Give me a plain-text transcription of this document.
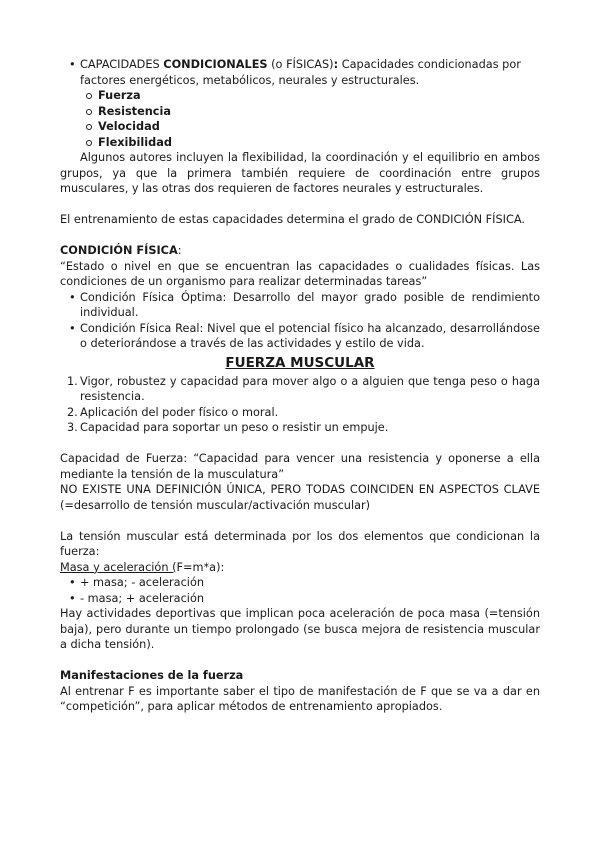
• CAPACIDADES CONDICIONALES (o FÍSICAS): Capacidades condicionadas por factores energéticos, metabólicos, neurales y estructurales.
Fuerza
Resistencia
Velocidad
Flexibilidad

Algunos autores incluyen la flexibilidad, la coordinación y el equilibrio en ambos grupos, ya que la primera también requiere de coordinación entre grupos musculares, y las otras dos requieren de factores neurales y estructurales.

El entrenamiento de estas capacidades determina el grado de CONDICIÓN FÍSICA.

CONDICIÓN FÍSICA:

“Estado o nivel en que se encuentran las capacidades o cualidades físicas. Las condiciones de un organismo para realizar determinadas tareas”

• Condición Física Óptima: Desarrollo del mayor grado posible de rendimiento individual.
• Condición Física Real: Nivel que el potencial físico ha alcanzado, desarrollándose o deteriorándose a través de las actividades y estilo de vida.
FUERZA MUSCULAR
1. Vigor, robustez y capacidad para mover algo o a alguien que tenga peso o haga resistencia.
2. Aplicación del poder físico o moral.
3. Capacidad para soportar un peso o resistir un empuje.

Capacidad de Fuerza: “Capacidad para vencer una resistencia y oponerse a ella mediante la tensión de la musculatura”

NO EXISTE UNA DEFINICIÓN ÚNICA, PERO TODAS COINCIDEN EN ASPECTOS CLAVE (=desarrollo de tensión muscular/activación muscular)

La tensión muscular está determinada por los dos elementos que condicionan la fuerza:

Masa y aceleración (F=m*a):

• + masa; - aceleración
• - masa; + aceleración

Hay actividades deportivas que implican poca aceleración de poca masa (=tensión baja), pero durante un tiempo prolongado (se busca mejora de resistencia muscular a dicha tensión).

Manifestaciones de la fuerza

Al entrenar F es importante saber el tipo de manifestación de F que se va a dar en “competición”, para aplicar métodos de entrenamiento apropiados.
